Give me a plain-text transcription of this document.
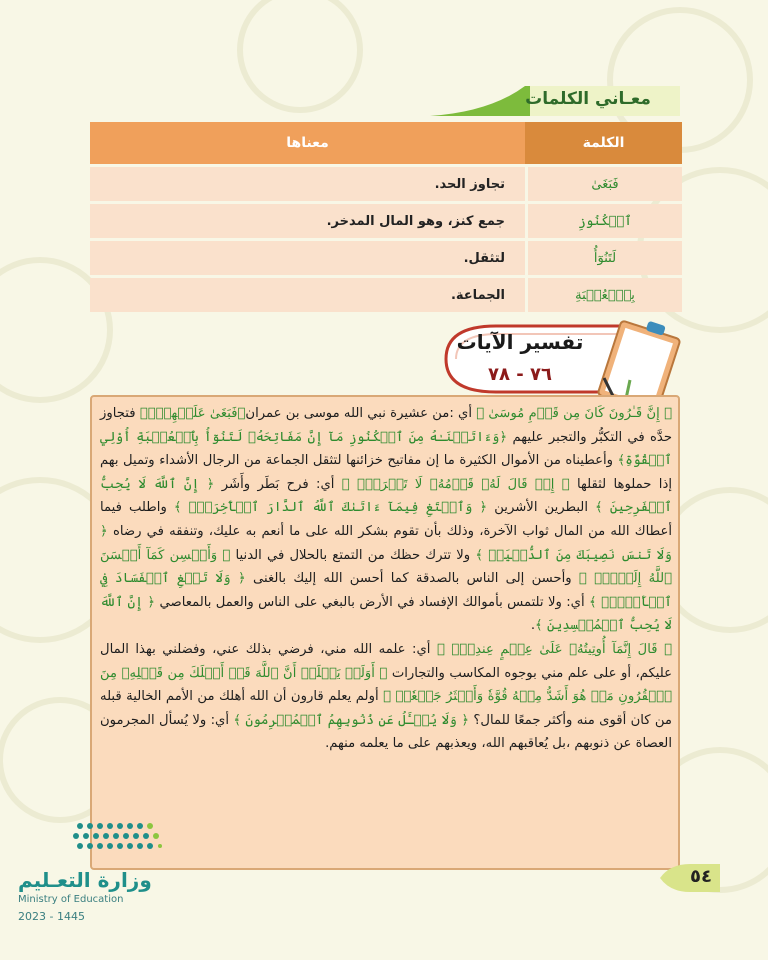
معـاني الكلمات
الكلمة	معناها
فَبَغَىٰ	تجاوز الحد.
ٱلۡكُنُوزِ	جمع كنز، وهو المال المدخر.
لَتَنُوٓأُ	لتثقل.
بِٱلۡعُصۡبَةِ	الجماعة.
تفسير الآيات
٧٦ - ٧٨

﴿ إِنَّ قَـٰرُونَ كَانَ مِن قَوۡمِ مُوسَىٰ ﴾ أي :من عشيرة نبي الله موسى بن عمران﴿فَبَغَىٰ عَلَيۡهِمۡۖ﴾ فتجاوز حدَّه في التكبُّر والتجبر عليهم ﴿وَءَاتَيۡنَـٰهُ مِنَ ٱلۡكُنُوزِ مَآ إِنَّ مَفَاتِحَهُۥ لَتَنُوٓأُ بِٱلۡعُصۡبَةِ أُوْلِي ٱلۡقُوَّةِ﴾ وأعطيناه من الأموال الكثيرة ما إن مفاتيح خزائنها لتثقل الجماعة من الرجال الأشداء وتميل بهم إذا حملوها لثقلها ﴿ إِذۡ قَالَ لَهُۥ قَوۡمُهُۥ لَا تَفۡرَحۡۖ ﴾ أي: فرح بَطَر وأَشَر ﴿ إِنَّ ٱللَّهَ لَا يُحِبُّ ٱلۡفَرِحِينَ ﴾ البطرين الأشرين ﴿ وَٱبۡتَغِ فِيمَآ ءَاتَىٰكَ ٱللَّهُ ٱلدَّارَ ٱلۡأٓخِرَةَۖ ﴾ واطلب فيما أعطاك الله من المال ثواب الآخرة، وذلك بأن تقوم بشكر الله على ما أنعم به عليك، وتنفقه في رضاه ﴿ وَلَا تَنسَ نَصِيبَكَ مِنَ ٱلدُّنۡيَاۖ ﴾ ولا تترك حظك من التمتع بالحلال في الدنيا ﴿ وَأَحۡسِن كَمَآ أَحۡسَنَ ٱللَّهُ إِلَيۡكَۖ ﴾ وأحسن إلى الناس بالصدقة كما أحسن الله إليك بالغنى ﴿ وَلَا تَبۡغِ ٱلۡفَسَادَ فِي ٱلۡأَرۡضِۖ ﴾ أي: ولا تلتمس بأموالك الإفساد في الأرض بالبغي على الناس والعمل بالمعاصي ﴿ إِنَّ ٱللَّهَ لَا يُحِبُّ ٱلۡمُفۡسِدِينَ ﴾.

﴿ قَالَ إِنَّمَآ أُوتِيتُهُۥ عَلَىٰ عِلۡمٍ عِندِيٓۚ ﴾ أي: علمه الله مني، فرضي بذلك عني، وفضلني بهذا المال عليكم، أو على علم مني بوجوه المكاسب والتجارات ﴿ أَوَلَمۡ يَعۡلَمۡ أَنَّ ٱللَّهَ قَدۡ أَهۡلَكَ مِن قَبۡلِهِۦ مِنَ ٱلۡقُرُونِ مَنۡ هُوَ أَشَدُّ مِنۡهُ قُوَّةٗ وَأَكۡثَرُ جَمۡعٗاۚ ﴾ أولم يعلم قارون أن الله أهلك من الأمم الخالية قبله من كان أقوى منه وأكثر جمعًا للمال؟ ﴿ وَلَا يُسۡـَٔلُ عَن ذُنُوبِهِمُ ٱلۡمُجۡرِمُونَ ﴾ أي: ولا يُسأل المجرمون العصاة عن ذنوبهم ،بل يُعاقبهم الله، ويعذبهم على ما يعلمه منهم.

وزارة التعـليم
Ministry of Education
2023 - 1445
٥٤
